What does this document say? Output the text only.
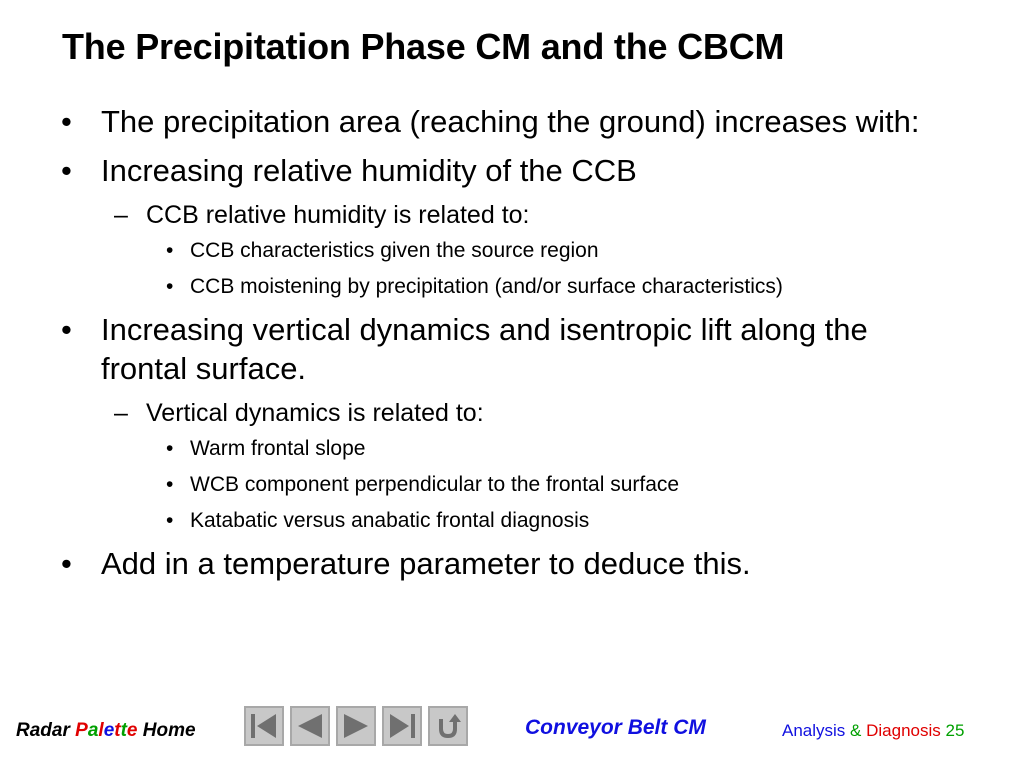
The Precipitation Phase CM and the CBCM
• The precipitation area (reaching the ground) increases with:
• Increasing relative humidity of the CCB
– CCB relative humidity is related to:
• CCB characteristics given the source region
• CCB moistening by precipitation (and/or surface characteristics)
• Increasing vertical dynamics and isentropic lift along the frontal surface.
– Vertical dynamics is related to:
• Warm frontal slope
• WCB component perpendicular to the frontal surface
• Katabatic versus anabatic frontal diagnosis
• Add in a temperature parameter to deduce this.
Radar Palette Home	Conveyor Belt CM	Analysis & Diagnosis 25
